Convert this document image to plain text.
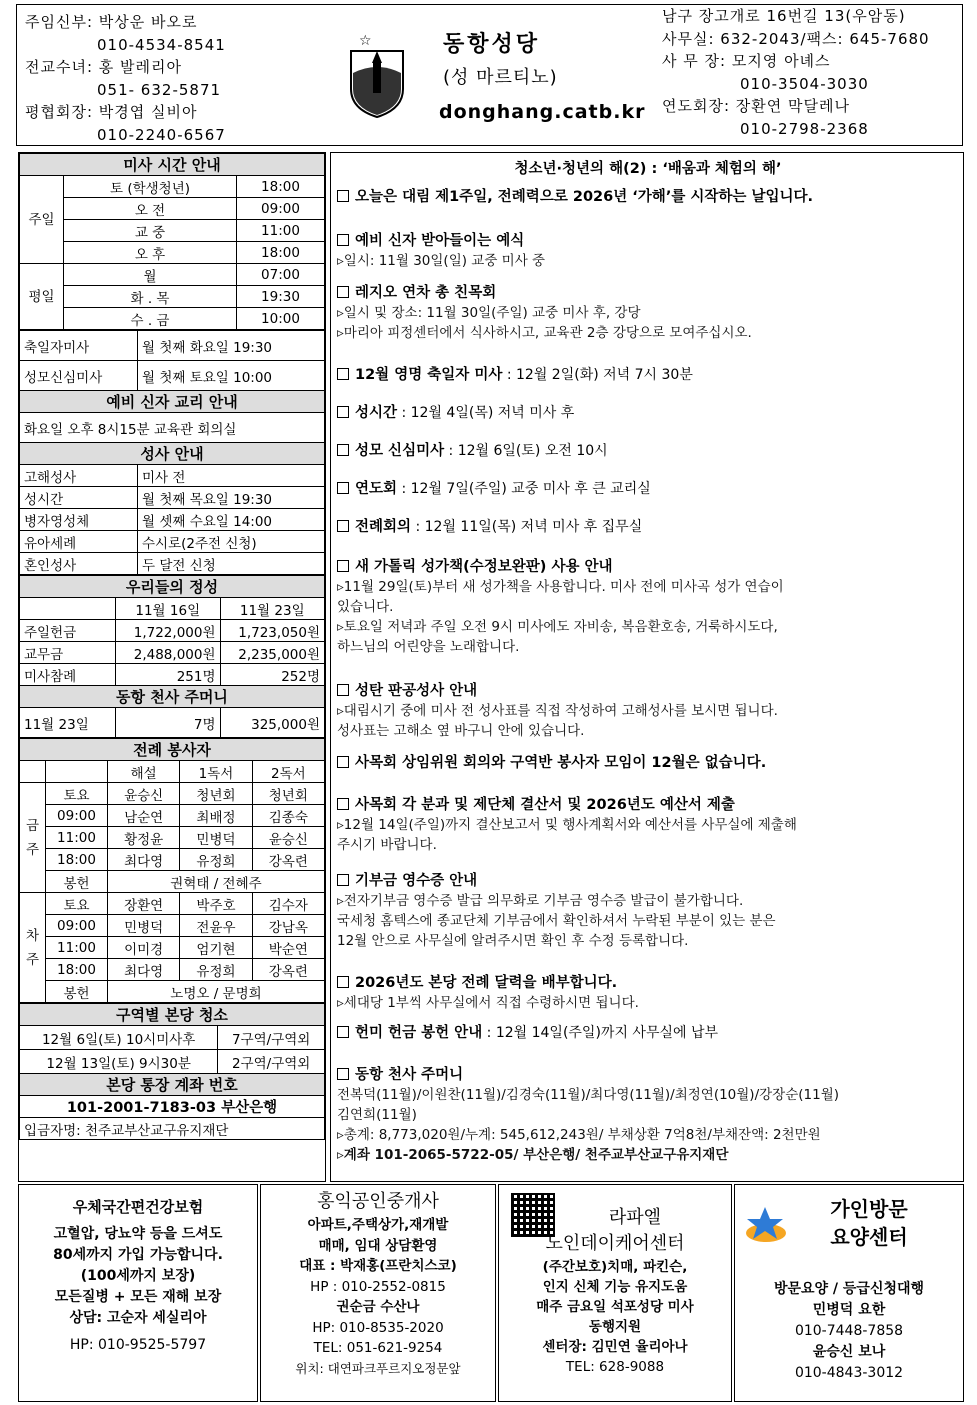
주임신부: 박상운 바오로
010-4534-8541
전교수녀: 홍 발레리아
051- 632-5871
평협회장: 박경엽 실비아
010-2240-6567
☆	동항성당
(성 마르티노)
donghang.catb.kr
남구 장고개로 16번길 13(우암동)
사무실: 632-2043/팩스: 645-7680
사 무 장: 모지영 아녜스
010-3504-3030
연도회장: 장환연 막달레나
010-2798-2368
미사 시간 안내		
주일	토 (학생청년)	18:00
	오 전	09:00
	교 중	11:00
	오 후	18:00
평일	월	07:00
	화 . 목	19:30
	수 . 금	10:00
축일자미사	월 첫째 화요일 19:30
성모신심미사	월 첫째 토요일 10:00
예비 신자 교리 안내	
화요일 오후 8시15분 교육관 회의실	
성사 안내	
고해성사	미사 전
성시간	월 첫째 목요일 19:30
병자영성체	월 셋째 수요일 14:00
유아세례	수시로(2주전 신청)
혼인성사	두 달전 신청
우리들의 정성		
	11월 16일	11월 23일
주일헌금	1,722,000원	1,723,050원
교무금	2,488,000원	2,235,000원
미사참례	251명	252명
동항 천사 주머니		
11월 23일	7명	325,000원
전례 봉사자				
		해설	1독서	2독서
금주	토요	윤승신	청년회	청년회
	09:00	남순연	최배정	김종숙
	11:00	황정윤	민병덕	윤승신
	18:00	최다영	유정희	강옥련
	봉헌	권혁태 / 전혜주		
차주	토요	장환연	박주호	김수자
	09:00	민병덕	전윤우	강남옥
	11:00	이미경	엄기현	박순연
	18:00	최다영	유정희	강옥련
	봉헌	노명오 / 문명희		
구역별 본당 청소	
12월 6일(토) 10시미사후	7구역/구역외
12월 13일(토) 9시30분	2구역/구역외
본당 통장 계좌 번호	
101-2001-7183-03 부산은행	
입금자명: 천주교부산교구유지재단	
청소년·청년의 해(2) : ‘배움과 체험의 해’
오늘은 대림 제1주일, 전례력으로 2026년 ‘가해’를 시작하는 날입니다.
예비 신자 받아들이는 예식
▹일시: 11월 30일(일) 교중 미사 중
레지오 연차 총 친목회
▹일시 및 장소: 11월 30일(주일) 교중 미사 후, 강당
▹마리아 피정센터에서 식사하시고, 교육관 2층 강당으로 모여주십시오.
12월 영명 축일자 미사 : 12월 2일(화) 저녁 7시 30분
성시간 : 12월 4일(목) 저녁 미사 후
성모 신심미사 : 12월 6일(토) 오전 10시
연도회 : 12월 7일(주일) 교중 미사 후 큰 교리실
전례회의 : 12월 11일(목) 저녁 미사 후 집무실
새 가톨릭 성가책(수정보완판) 사용 안내
▹11월 29일(토)부터 새 성가책을 사용합니다. 미사 전에 미사곡 성가 연습이
있습니다.
▹토요일 저녁과 주일 오전 9시 미사에도 자비송, 복음환호송, 거룩하시도다,
하느님의 어린양을 노래합니다.
성탄 판공성사 안내
▹대림시기 중에 미사 전 성사표를 직접 작성하여 고해성사를 보시면 됩니다.
성사표는 고해소 옆 바구니 안에 있습니다.
사목회 상임위원 회의와 구역반 봉사자 모임이 12월은 없습니다.
사목회 각 분과 및 제단체 결산서 및 2026년도 예산서 제출
▹12월 14일(주일)까지 결산보고서 및 행사계획서와 예산서를 사무실에 제출해
주시기 바랍니다.
기부금 영수증 안내
▹전자기부금 영수증 발급 의무화로 기부금 영수증 발급이 불가합니다.
국세청 홈텍스에 종교단체 기부금에서 확인하셔서 누락된 부분이 있는 분은
12월 안으로 사무실에 알려주시면 확인 후 수정 등록합니다.
2026년도 본당 전례 달력을 배부합니다.
▹세대당 1부씩 사무실에서 직접 수령하시면 됩니다.
헌미 헌금 봉헌 안내 : 12월 14일(주일)까지 사무실에 납부
동항 천사 주머니
전복덕(11월)/이원찬(11월)/김경숙(11월)/최다영(11월)/최정연(10월)/강장순(11월)
김연희(11월)
▹총계: 8,773,020원/누계: 545,612,243원/ 부채상환 7억8천/부채잔액: 2천만원
▹계좌 101-2065-5722-05/ 부산은행/ 천주교부산교구유지재단
우체국간편건강보험
고혈압, 당뇨약 등을 드셔도
80세까지 가입 가능합니다.
(100세까지 보장)
모든질병 + 모든 재해 보장
상담: 고순자 세실리아
HP: 010-9525-5797
홍익공인중개사
아파트,주택상가,재개발
매매, 임대 상담환영
대표 : 박재홍(프란치스코)
HP : 010-2552-0815
권순금 수산나
HP: 010-8535-2020
TEL: 051-621-9254
위치: 대연파크푸르지오정문앞
라파엘
노인데이케어센터
(주간보호)치매, 파킨슨,
인지 신체 기능 유지도움
매주 금요일 석포성당 미사
동행지원
센터장: 김민연 율리아나
TEL: 628-9088
가인방문
요양센터
방문요양 / 등급신청대행
민병덕 요한
010-7448-7858
윤승신 보나
010-4843-3012
